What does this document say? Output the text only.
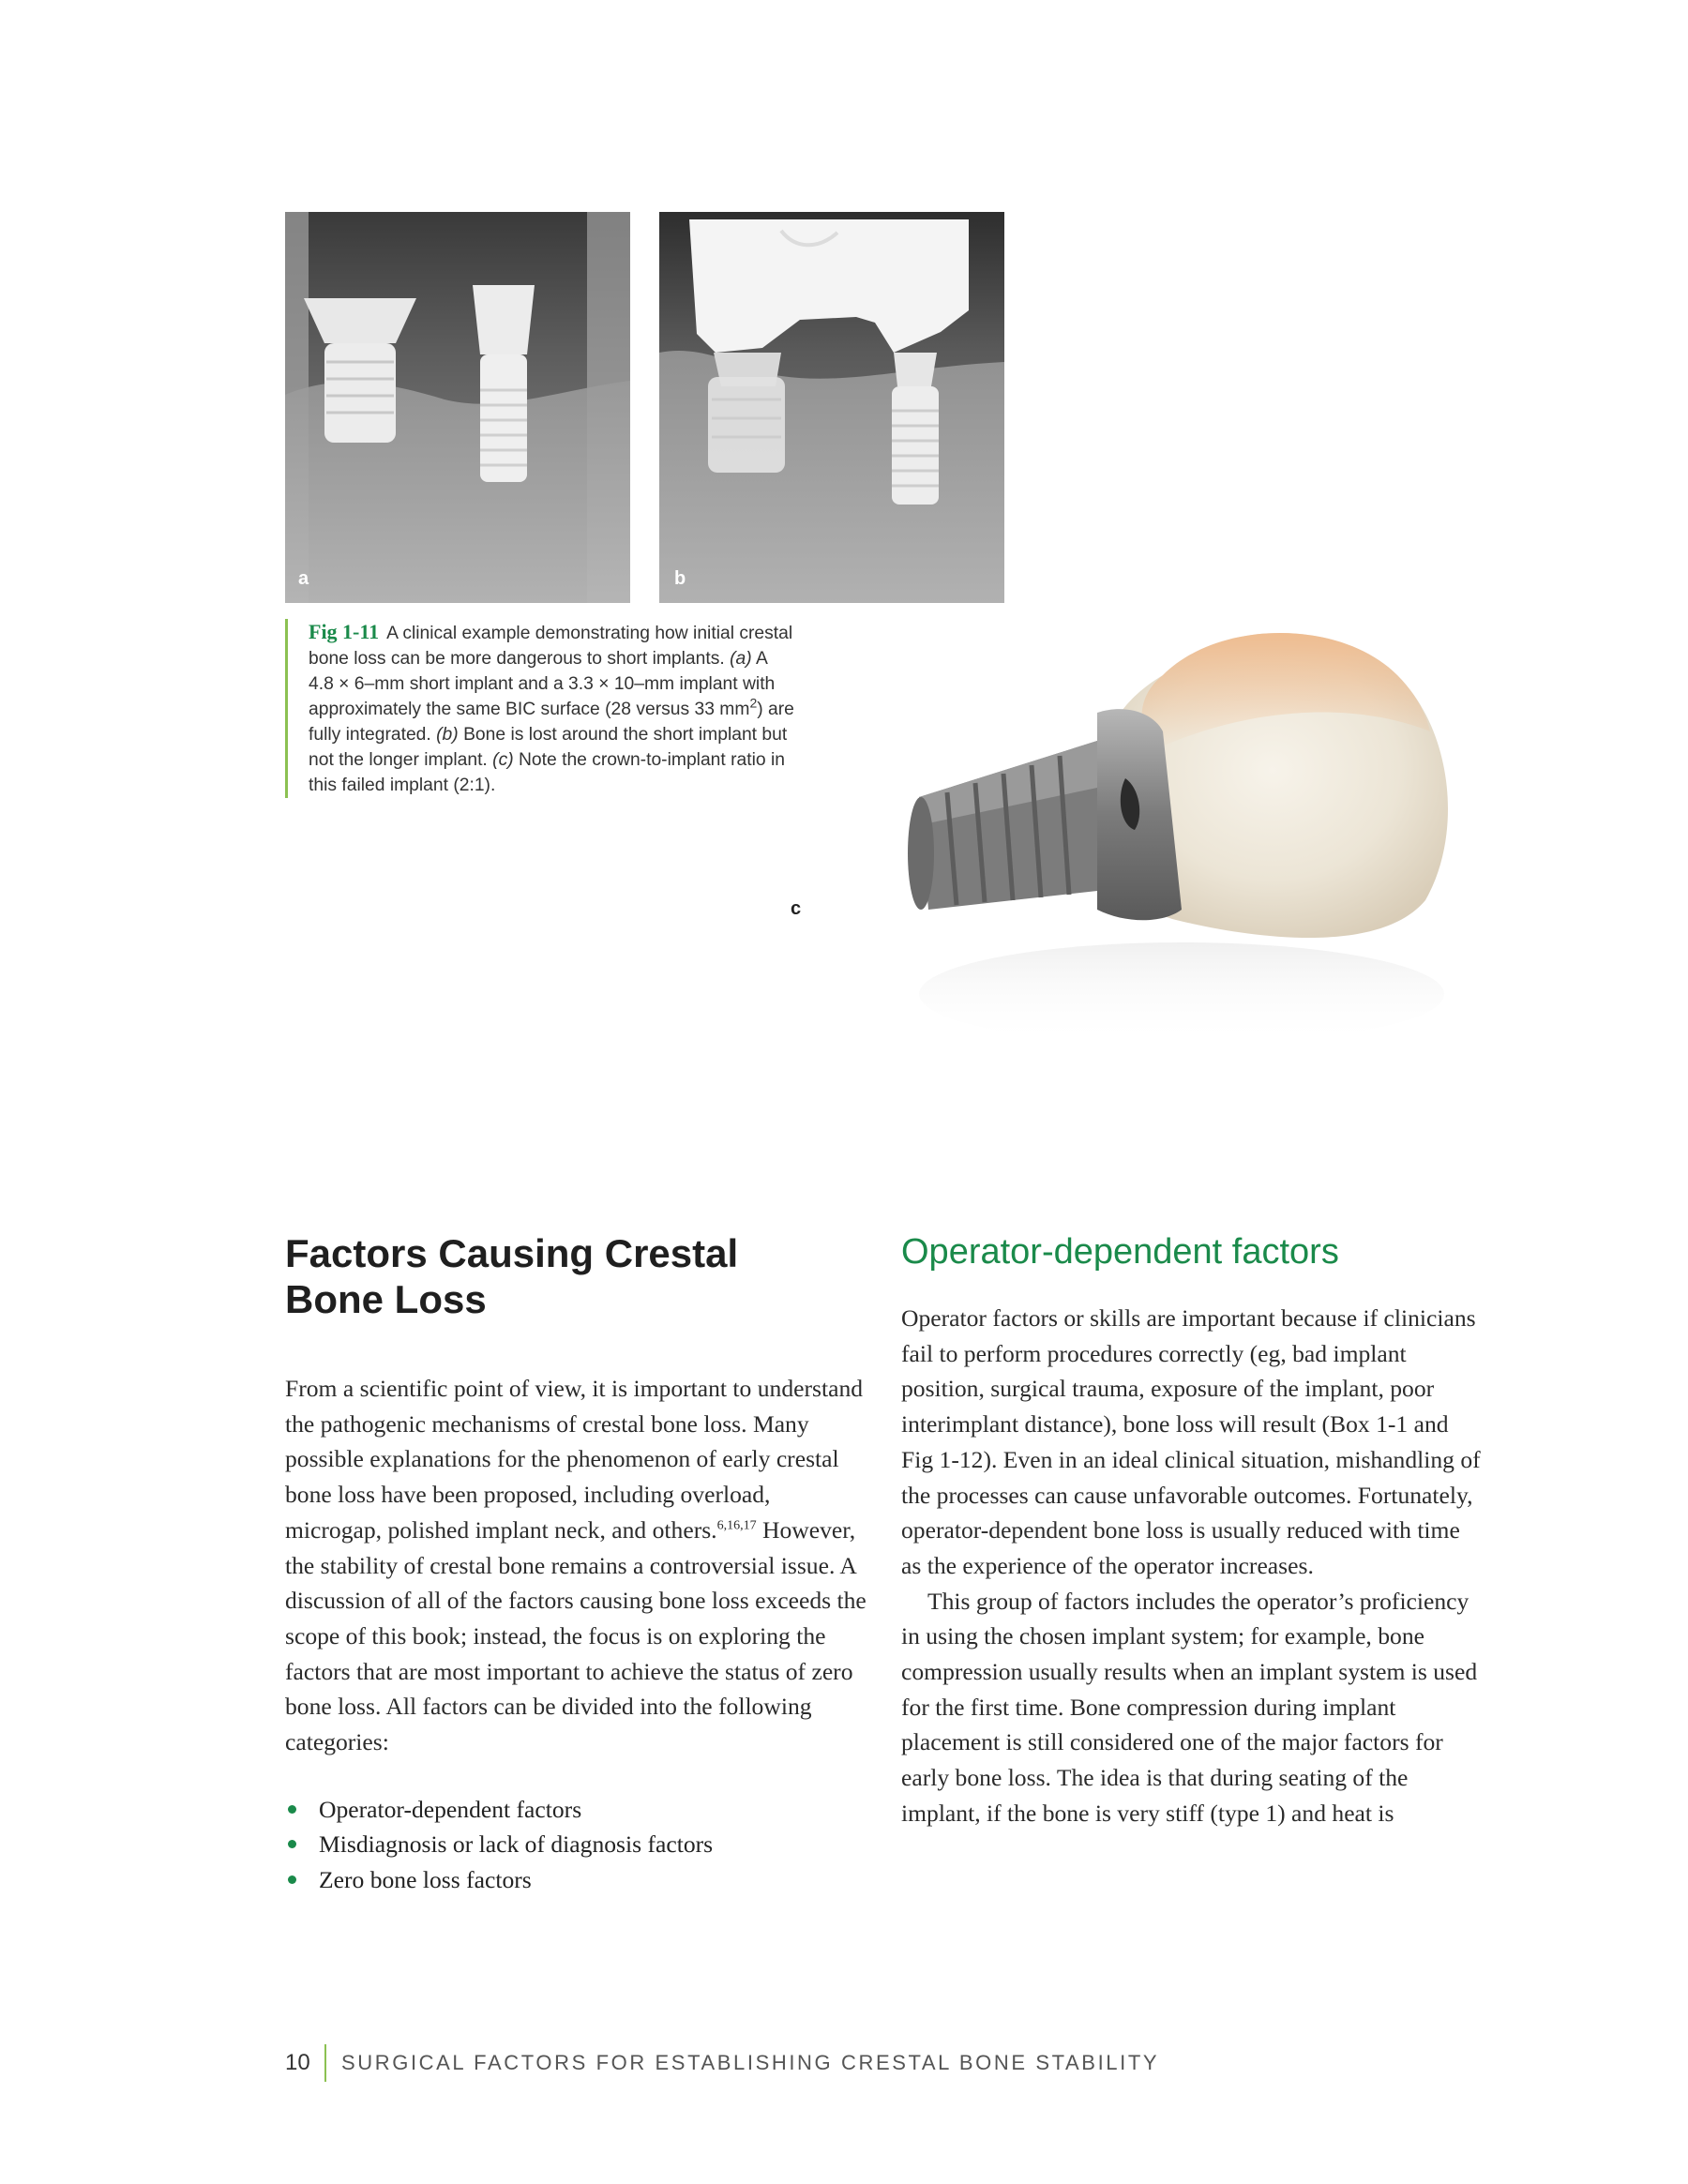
a	b

Fig 1-11 A clinical example demonstrating how initial crestal bone loss can be more dangerous to short implants. (a) A 4.8 × 6–mm short implant and a 3.3 × 10–mm implant with approximately the same BIC surface (28 versus 33 $mm^2$) are fully integrated. (b) Bone is lost around the short implant but not the longer implant. (c) Note the crown-to-implant ratio in this failed implant (2:1).

c
Factors Causing Crestal Bone Loss

From a scientific point of view, it is important to understand the pathogenic mechanisms of crestal bone loss. Many possible explanations for the phenomenon of early crestal bone loss have been proposed, including overload, microgap, polished implant neck, and others.$^{6,16,17}$ However, the stability of crestal bone remains a controversial issue. A discussion of all of the factors causing bone loss exceeds the scope of this book; instead, the focus is on exploring the factors that are most important to achieve the status of zero bone loss. All factors can be divided into the following categories:

Operator-dependent factors
Misdiagnosis or lack of diagnosis factors
Zero bone loss factors
Operator-dependent factors

Operator factors or skills are important because if clinicians fail to perform procedures correctly (eg, bad implant position, surgical trauma, exposure of the implant, poor interimplant distance), bone loss will result (Box 1-1 and Fig 1-12). Even in an ideal clinical situation, mishandling of the processes can cause unfavorable outcomes. Fortunately, operator-dependent bone loss is usually reduced with time as the experience of the operator increases.

This group of factors includes the operator’s proficiency in using the chosen implant system; for example, bone compression usually results when an implant system is used for the first time. Bone compression during implant placement is still considered one of the major factors for early bone loss. The idea is that during seating of the implant, if the bone is very stiff (type 1) and heat is

10	SURGICAL FACTORS FOR ESTABLISHING CRESTAL BONE STABILITY
